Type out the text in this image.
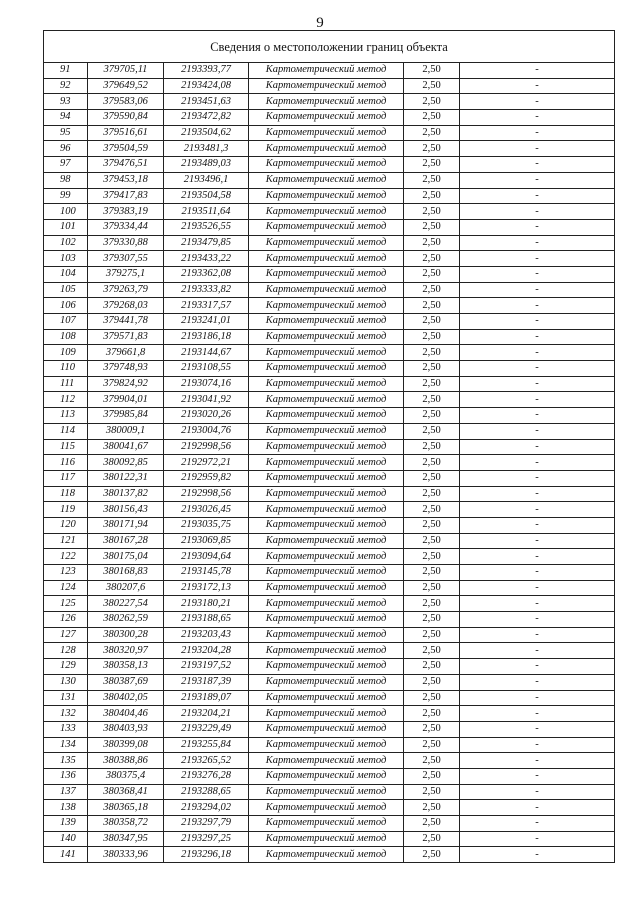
9
Сведения о местоположении границ объекта					
91	379705,11	2193393,77	Картометрический метод	2,50	-
92	379649,52	2193424,08	Картометрический метод	2,50	-
93	379583,06	2193451,63	Картометрический метод	2,50	-
94	379590,84	2193472,82	Картометрический метод	2,50	-
95	379516,61	2193504,62	Картометрический метод	2,50	-
96	379504,59	2193481,3	Картометрический метод	2,50	-
97	379476,51	2193489,03	Картометрический метод	2,50	-
98	379453,18	2193496,1	Картометрический метод	2,50	-
99	379417,83	2193504,58	Картометрический метод	2,50	-
100	379383,19	2193511,64	Картометрический метод	2,50	-
101	379334,44	2193526,55	Картометрический метод	2,50	-
102	379330,88	2193479,85	Картометрический метод	2,50	-
103	379307,55	2193433,22	Картометрический метод	2,50	-
104	379275,1	2193362,08	Картометрический метод	2,50	-
105	379263,79	2193333,82	Картометрический метод	2,50	-
106	379268,03	2193317,57	Картометрический метод	2,50	-
107	379441,78	2193241,01	Картометрический метод	2,50	-
108	379571,83	2193186,18	Картометрический метод	2,50	-
109	379661,8	2193144,67	Картометрический метод	2,50	-
110	379748,93	2193108,55	Картометрический метод	2,50	-
111	379824,92	2193074,16	Картометрический метод	2,50	-
112	379904,01	2193041,92	Картометрический метод	2,50	-
113	379985,84	2193020,26	Картометрический метод	2,50	-
114	380009,1	2193004,76	Картометрический метод	2,50	-
115	380041,67	2192998,56	Картометрический метод	2,50	-
116	380092,85	2192972,21	Картометрический метод	2,50	-
117	380122,31	2192959,82	Картометрический метод	2,50	-
118	380137,82	2192998,56	Картометрический метод	2,50	-
119	380156,43	2193026,45	Картометрический метод	2,50	-
120	380171,94	2193035,75	Картометрический метод	2,50	-
121	380167,28	2193069,85	Картометрический метод	2,50	-
122	380175,04	2193094,64	Картометрический метод	2,50	-
123	380168,83	2193145,78	Картометрический метод	2,50	-
124	380207,6	2193172,13	Картометрический метод	2,50	-
125	380227,54	2193180,21	Картометрический метод	2,50	-
126	380262,59	2193188,65	Картометрический метод	2,50	-
127	380300,28	2193203,43	Картометрический метод	2,50	-
128	380320,97	2193204,28	Картометрический метод	2,50	-
129	380358,13	2193197,52	Картометрический метод	2,50	-
130	380387,69	2193187,39	Картометрический метод	2,50	-
131	380402,05	2193189,07	Картометрический метод	2,50	-
132	380404,46	2193204,21	Картометрический метод	2,50	-
133	380403,93	2193229,49	Картометрический метод	2,50	-
134	380399,08	2193255,84	Картометрический метод	2,50	-
135	380388,86	2193265,52	Картометрический метод	2,50	-
136	380375,4	2193276,28	Картометрический метод	2,50	-
137	380368,41	2193288,65	Картометрический метод	2,50	-
138	380365,18	2193294,02	Картометрический метод	2,50	-
139	380358,72	2193297,79	Картометрический метод	2,50	-
140	380347,95	2193297,25	Картометрический метод	2,50	-
141	380333,96	2193296,18	Картометрический метод	2,50	-
